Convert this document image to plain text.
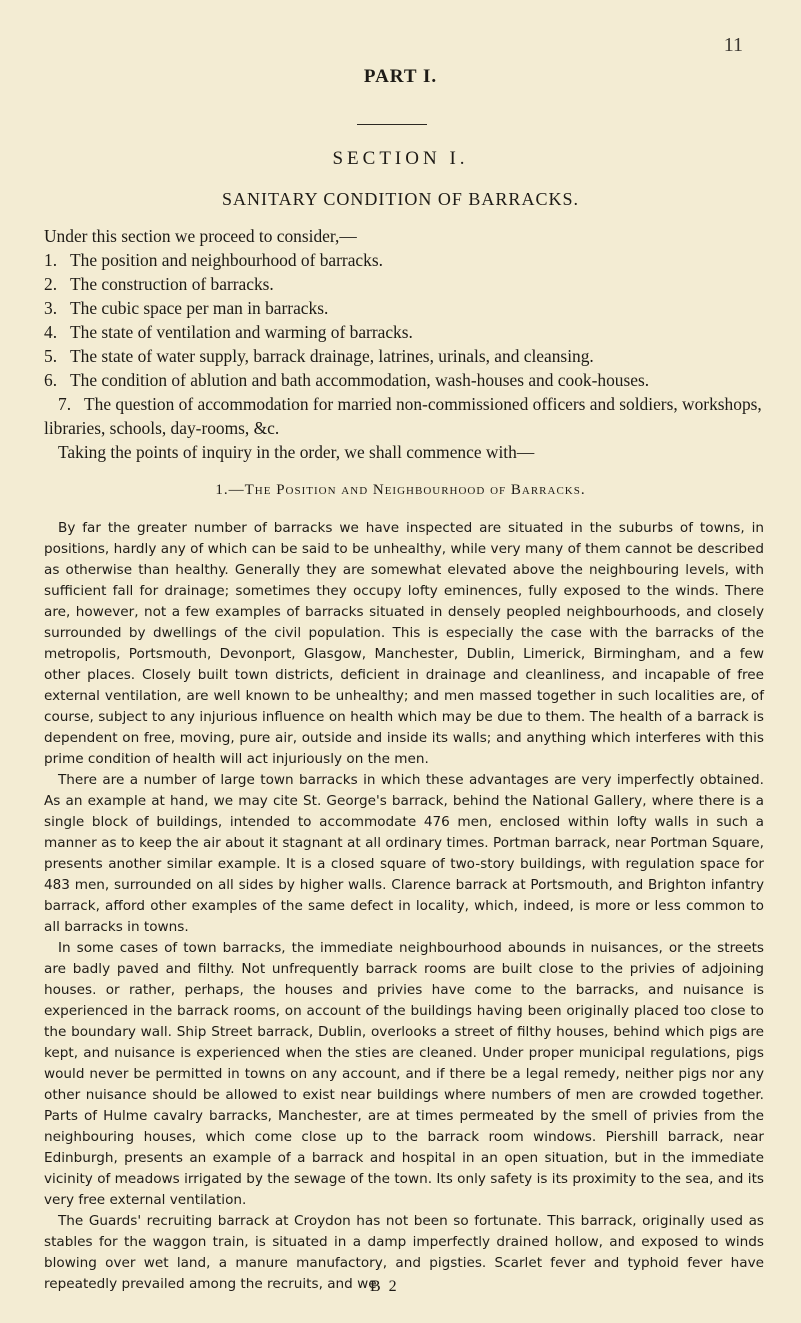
11
PART I.
SECTION I.
SANITARY CONDITION OF BARRACKS.

Under this section we proceed to consider,—

1. The position and neighbourhood of barracks.
2. The construction of barracks.
3. The cubic space per man in barracks.
4. The state of ventilation and warming of barracks.
5. The state of water supply, barrack drainage, latrines, urinals, and cleansing.
6. The condition of ablution and bath accommodation, wash-houses and cook-houses.
7. The question of accommodation for married non-commissioned officers and soldiers, workshops, libraries, schools, day-rooms, &c.

Taking the points of inquiry in the order, we shall commence with—

1.—The Position and Neighbourhood of Barracks.

By far the greater number of barracks we have inspected are situated in the suburbs of towns, in positions, hardly any of which can be said to be unhealthy, while very many of them cannot be described as otherwise than healthy. Generally they are somewhat elevated above the neighbouring levels, with sufficient fall for drainage; sometimes they occupy lofty eminences, fully exposed to the winds. There are, however, not a few examples of barracks situated in densely peopled neighbourhoods, and closely surrounded by dwellings of the civil population. This is especially the case with the barracks of the metropolis, Portsmouth, Devonport, Glasgow, Manchester, Dublin, Limerick, Birmingham, and a few other places. Closely built town districts, deficient in drainage and cleanliness, and incapable of free external ventilation, are well known to be unhealthy; and men massed together in such localities are, of course, subject to any injurious influence on health which may be due to them. The health of a barrack is dependent on free, moving, pure air, outside and inside its walls; and anything which interferes with this prime condition of health will act injuriously on the men.

There are a number of large town barracks in which these advantages are very imperfectly obtained. As an example at hand, we may cite St. George's barrack, behind the National Gallery, where there is a single block of buildings, intended to accommodate 476 men, enclosed within lofty walls in such a manner as to keep the air about it stagnant at all ordinary times. Portman barrack, near Portman Square, presents another similar example. It is a closed square of two-story buildings, with regulation space for 483 men, surrounded on all sides by higher walls. Clarence barrack at Portsmouth, and Brighton infantry barrack, afford other examples of the same defect in locality, which, indeed, is more or less common to all barracks in towns.

In some cases of town barracks, the immediate neighbourhood abounds in nuisances, or the streets are badly paved and filthy. Not unfrequently barrack rooms are built close to the privies of adjoining houses. or rather, perhaps, the houses and privies have come to the barracks, and nuisance is experienced in the barrack rooms, on account of the buildings having been originally placed too close to the boundary wall. Ship Street barrack, Dublin, overlooks a street of filthy houses, behind which pigs are kept, and nuisance is experienced when the sties are cleaned. Under proper municipal regulations, pigs would never be permitted in towns on any account, and if there be a legal remedy, neither pigs nor any other nuisance should be allowed to exist near buildings where numbers of men are crowded together. Parts of Hulme cavalry barracks, Manchester, are at times permeated by the smell of privies from the neighbouring houses, which come close up to the barrack room windows. Piershill barrack, near Edinburgh, presents an example of a barrack and hospital in an open situation, but in the immediate vicinity of meadows irrigated by the sewage of the town. Its only safety is its proximity to the sea, and its very free external ventilation.

The Guards' recruiting barrack at Croydon has not been so fortunate. This barrack, originally used as stables for the waggon train, is situated in a damp imperfectly drained hollow, and exposed to winds blowing over wet land, a manure manufactory, and pigsties. Scarlet fever and typhoid fever have repeatedly prevailed among the recruits, and we

B 2
